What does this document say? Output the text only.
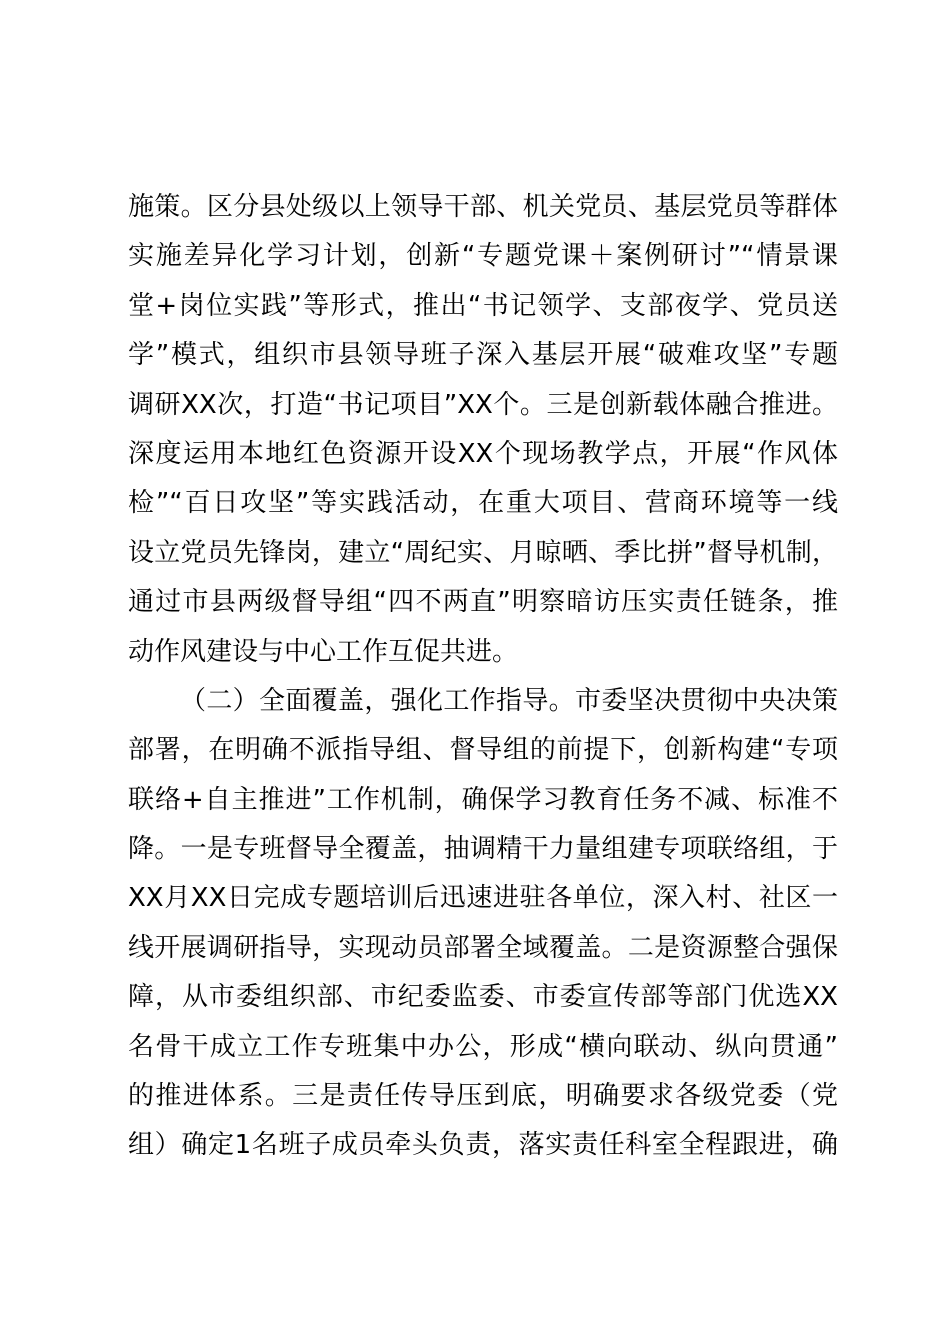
施策。区分县处级以上领导干部、机关党员、基层党员等群体
实施差异化学习计划，创新“专题党课＋案例研讨”“情景课
堂+岗位实践”等形式，推出“书记领学、支部夜学、党员送
学”模式，组织市县领导班子深入基层开展“破难攻坚”专题
调研XX次，打造“书记项目”XX个。三是创新载体融合推进。
深度运用本地红色资源开设XX个现场教学点，开展“作风体
检”“百日攻坚”等实践活动，在重大项目、营商环境等一线
设立党员先锋岗，建立“周纪实、月晾晒、季比拼”督导机制，
通过市县两级督导组“四不两直”明察暗访压实责任链条，推
动作风建设与中心工作互促共进。
（二）全面覆盖，强化工作指导。市委坚决贯彻中央决策
部署，在明确不派指导组、督导组的前提下，创新构建“专项
联络+自主推进”工作机制，确保学习教育任务不减、标准不
降。一是专班督导全覆盖，抽调精干力量组建专项联络组，于
XX月XX日完成专题培训后迅速进驻各单位，深入村、社区一
线开展调研指导，实现动员部署全域覆盖。二是资源整合强保
障，从市委组织部、市纪委监委、市委宣传部等部门优选XX
名骨干成立工作专班集中办公，形成“横向联动、纵向贯通”
的推进体系。三是责任传导压到底，明确要求各级党委（党
组）确定1名班子成员牵头负责，落实责任科室全程跟进，确
